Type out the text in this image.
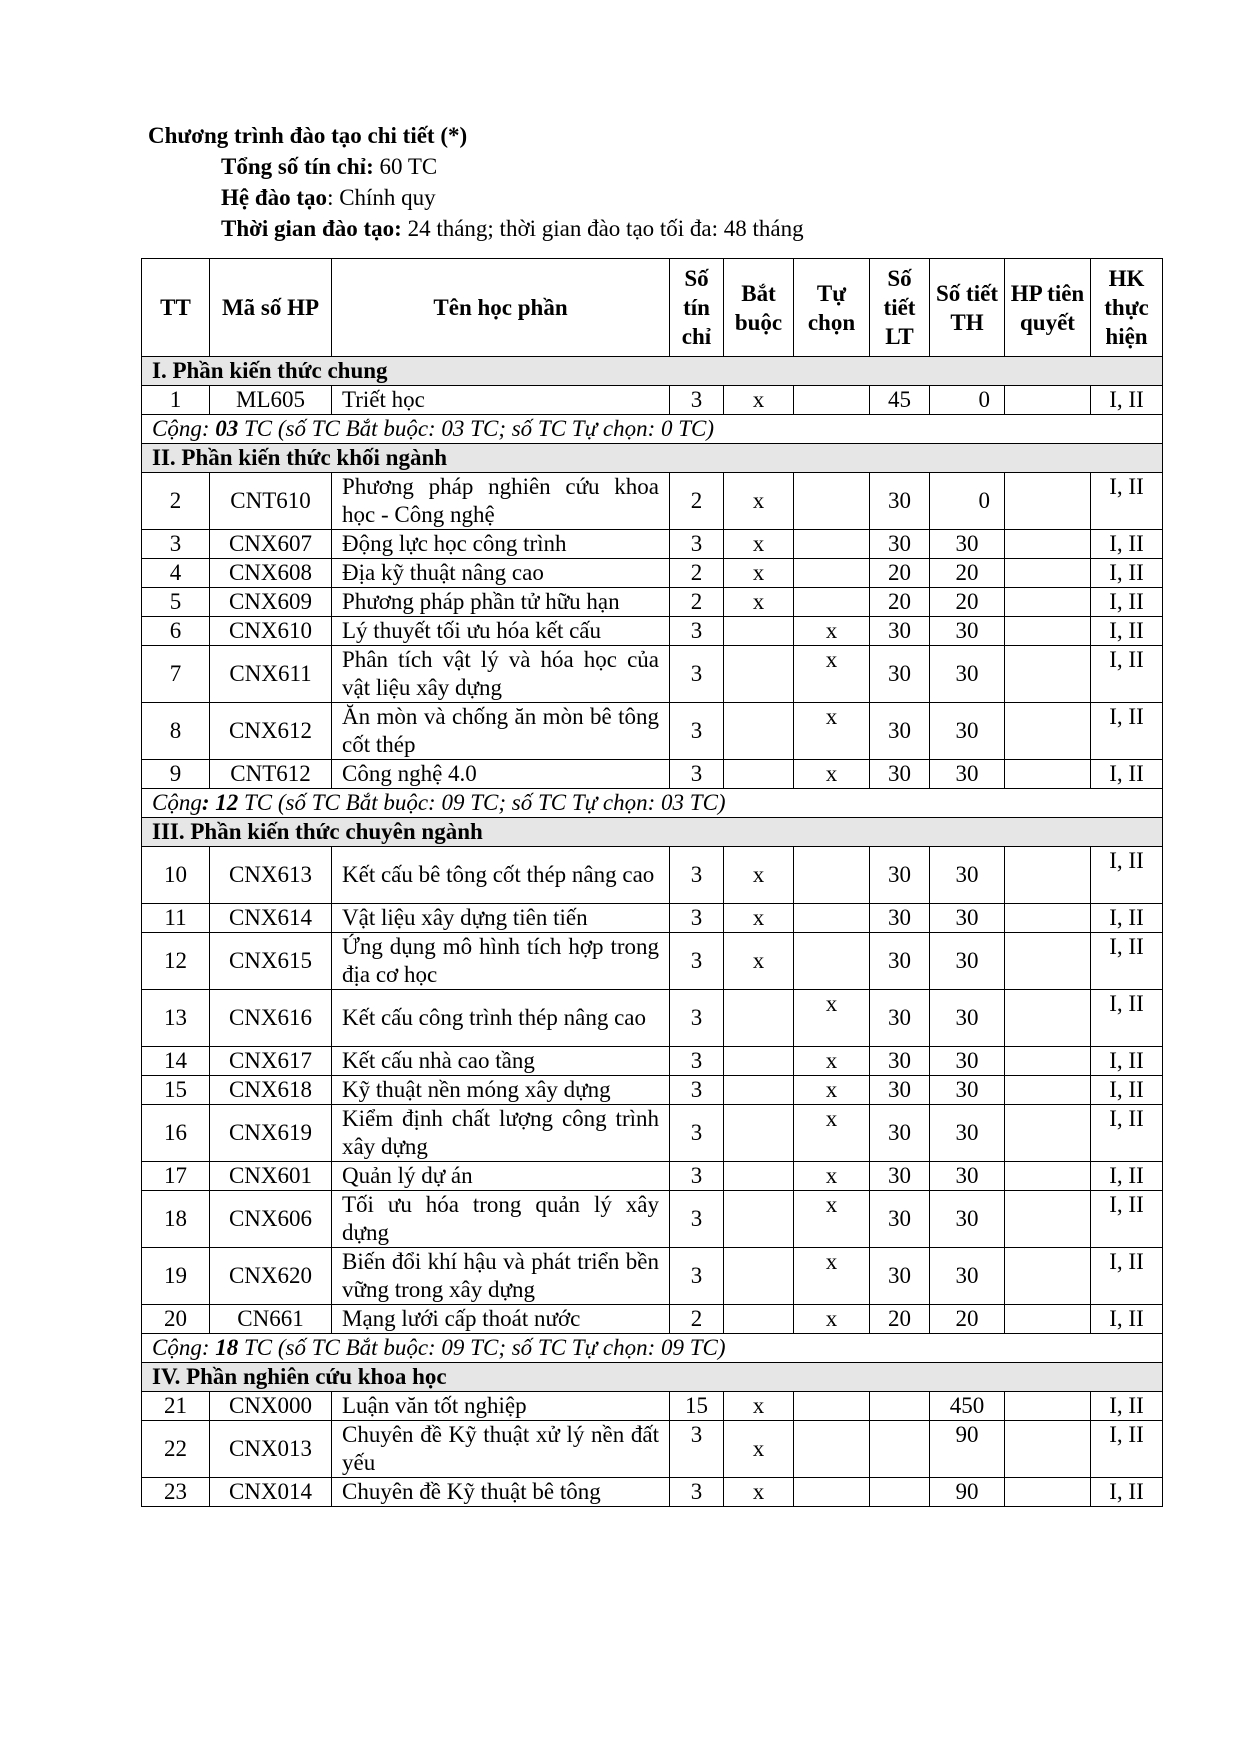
Chương trình đào tạo chi tiết (*)
Tổng số tín chỉ: 60 TC
Hệ đào tạo: Chính quy
Thời gian đào tạo: 24 tháng; thời gian đào tạo tối đa: 48 tháng
TT	Mã số HP	Tên học phần	Số tín chỉ	Bắt buộc	Tự chọn	Số tiết LT	Số tiết TH	HP tiên quyết	HK thực hiện
I. Phần kiến thức chung									
1	ML605	Triết học	3	x		45	0		I, II
Cộng: 03 TC (số TC Bắt buộc: 03 TC; số TC Tự chọn: 0 TC)									
II. Phần kiến thức khối ngành									
2	CNT610	Phương pháp nghiên cứu khoa học - Công nghệ	2	x		30	0		I, II
3	CNX607	Động lực học công trình	3	x		30	30		I, II
4	CNX608	Địa kỹ thuật nâng cao	2	x		20	20		I, II
5	CNX609	Phương pháp phần tử hữu hạn	2	x		20	20		I, II
6	CNX610	Lý thuyết tối ưu hóa kết cấu	3		x	30	30		I, II
7	CNX611	Phân tích vật lý và hóa học của vật liệu xây dựng	3		x	30	30		I, II
8	CNX612	Ăn mòn và chống ăn mòn bê tông cốt thép	3		x	30	30		I, II
9	CNT612	Công nghệ 4.0	3		x	30	30		I, II
Cộng: 12 TC (số TC Bắt buộc: 09 TC; số TC Tự chọn: 03 TC)									
III. Phần kiến thức chuyên ngành									
10	CNX613	Kết cấu bê tông cốt thép nâng cao	3	x		30	30		I, II
11	CNX614	Vật liệu xây dựng tiên tiến	3	x		30	30		I, II
12	CNX615	Ứng dụng mô hình tích hợp trong địa cơ học	3	x		30	30		I, II
13	CNX616	Kết cấu công trình thép nâng cao	3		x	30	30		I, II
14	CNX617	Kết cấu nhà cao tầng	3		x	30	30		I, II
15	CNX618	Kỹ thuật nền móng xây dựng	3		x	30	30		I, II
16	CNX619	Kiểm định chất lượng công trình xây dựng	3		x	30	30		I, II
17	CNX601	Quản lý dự án	3		x	30	30		I, II
18	CNX606	Tối ưu hóa trong quản lý xây dựng	3		x	30	30		I, II
19	CNX620	Biến đổi khí hậu và phát triển bền vững trong xây dựng	3		x	30	30		I, II
20	CN661	Mạng lưới cấp thoát nước	2		x	20	20		I, II
Cộng: 18 TC (số TC Bắt buộc: 09 TC; số TC Tự chọn: 09 TC)									
IV. Phần nghiên cứu khoa học									
21	CNX000	Luận văn tốt nghiệp	15	x			450		I, II
22	CNX013	Chuyên đề Kỹ thuật xử lý nền đất yếu	3	x			90		I, II
23	CNX014	Chuyên đề Kỹ thuật bê tông	3	x			90		I, II
